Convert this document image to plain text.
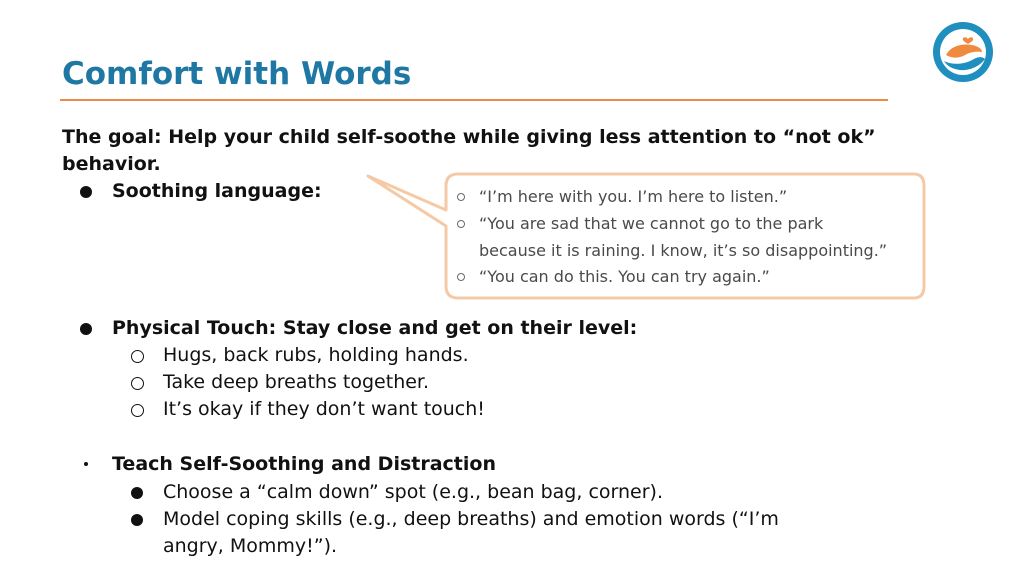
Comfort with Words
The goal: Help your child self-soothe while giving less attention to “not ok” behavior.
Soothing language:	“I’m here with you. I’m here to listen.”
“You are sad that we cannot go to the park
because it is raining. I know, it’s so disappointing.”
“You can do this. You can try again.”
Physical Touch: Stay close and get on their level:
Hugs, back rubs, holding hands.
Take deep breaths together.
It’s okay if they don’t want touch!
Teach Self-Soothing and Distraction
Choose a “calm down” spot (e.g., bean bag, corner).
Model coping skills (e.g., deep breaths) and emotion words (“I’m
angry, Mommy!”).
